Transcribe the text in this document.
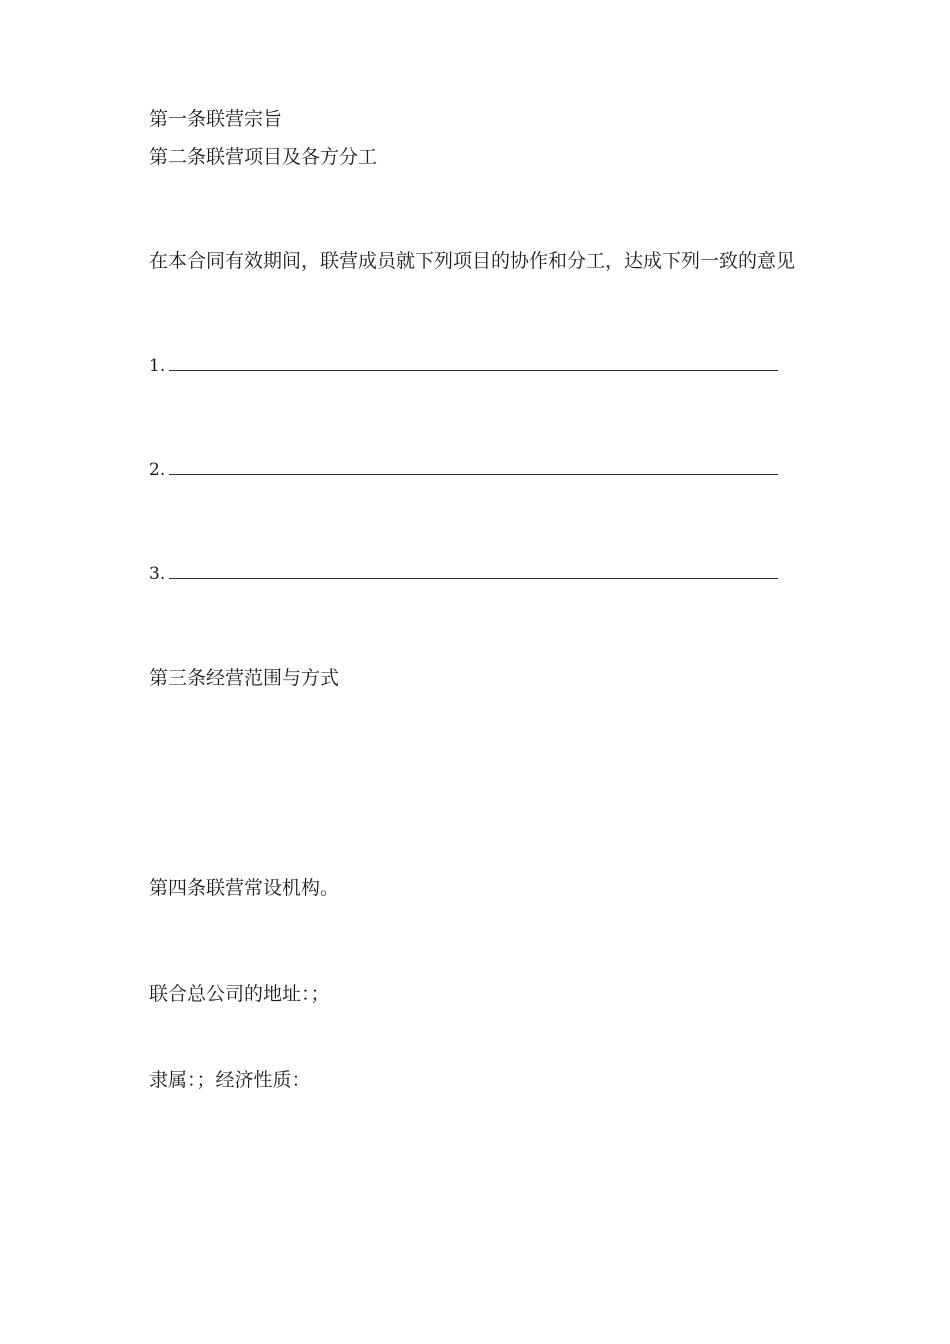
第一条联营宗旨
第二条联营项目及各方分工
在本合同有效期间，联营成员就下列项目的协作和分工，达成下列一致的意见
1.
2.
3.
第三条经营范围与方式
第四条联营常设机构。
联合总公司的地址：；
隶属：；经济性质：
